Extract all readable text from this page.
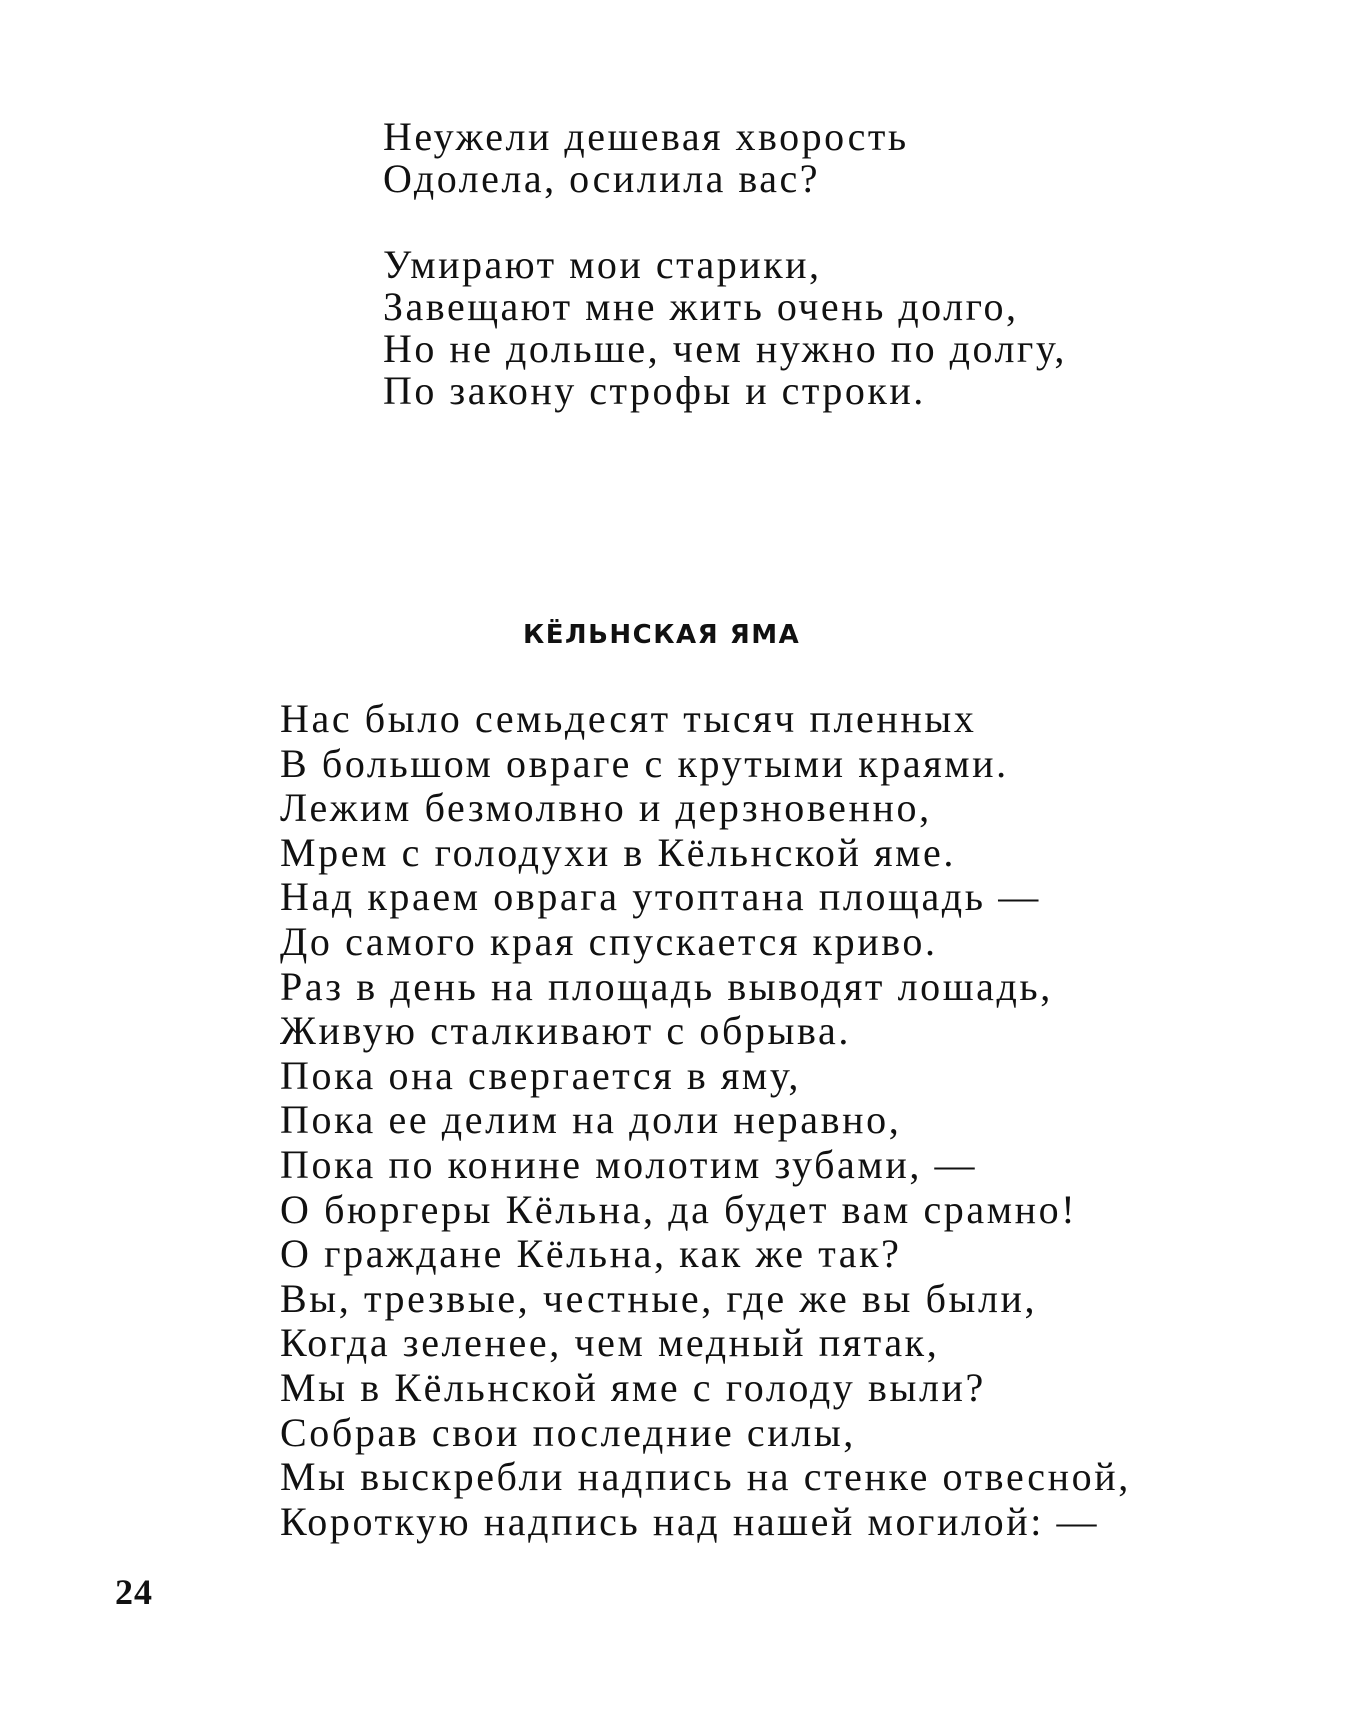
Неужели дешевая хворость
Одолела, осилила вас?
Умирают мои старики,
Завещают мне жить очень долго,
Но не дольше, чем нужно по долгу,
По закону строфы и строки.
КЁЛЬНСКАЯ ЯМА
Нас было семьдесят тысяч пленных
В большом овраге с крутыми краями.
Лежим безмолвно и дерзновенно,
Мрем с голодухи в Кёльнской яме.
Над краем оврага утоптана площадь —
До самого края спускается криво.
Раз в день на площадь выводят лошадь,
Живую сталкивают с обрыва.
Пока она свергается в яму,
Пока ее делим на доли неравно,
Пока по конине молотим зубами, —
О бюргеры Кёльна, да будет вам срамно!
О граждане Кёльна, как же так?
Вы, трезвые, честные, где же вы были,
Когда зеленее, чем медный пятак,
Мы в Кёльнской яме с голоду выли?
Собрав свои последние силы,
Мы выскребли надпись на стенке отвесной,
Короткую надпись над нашей могилой: —
24
